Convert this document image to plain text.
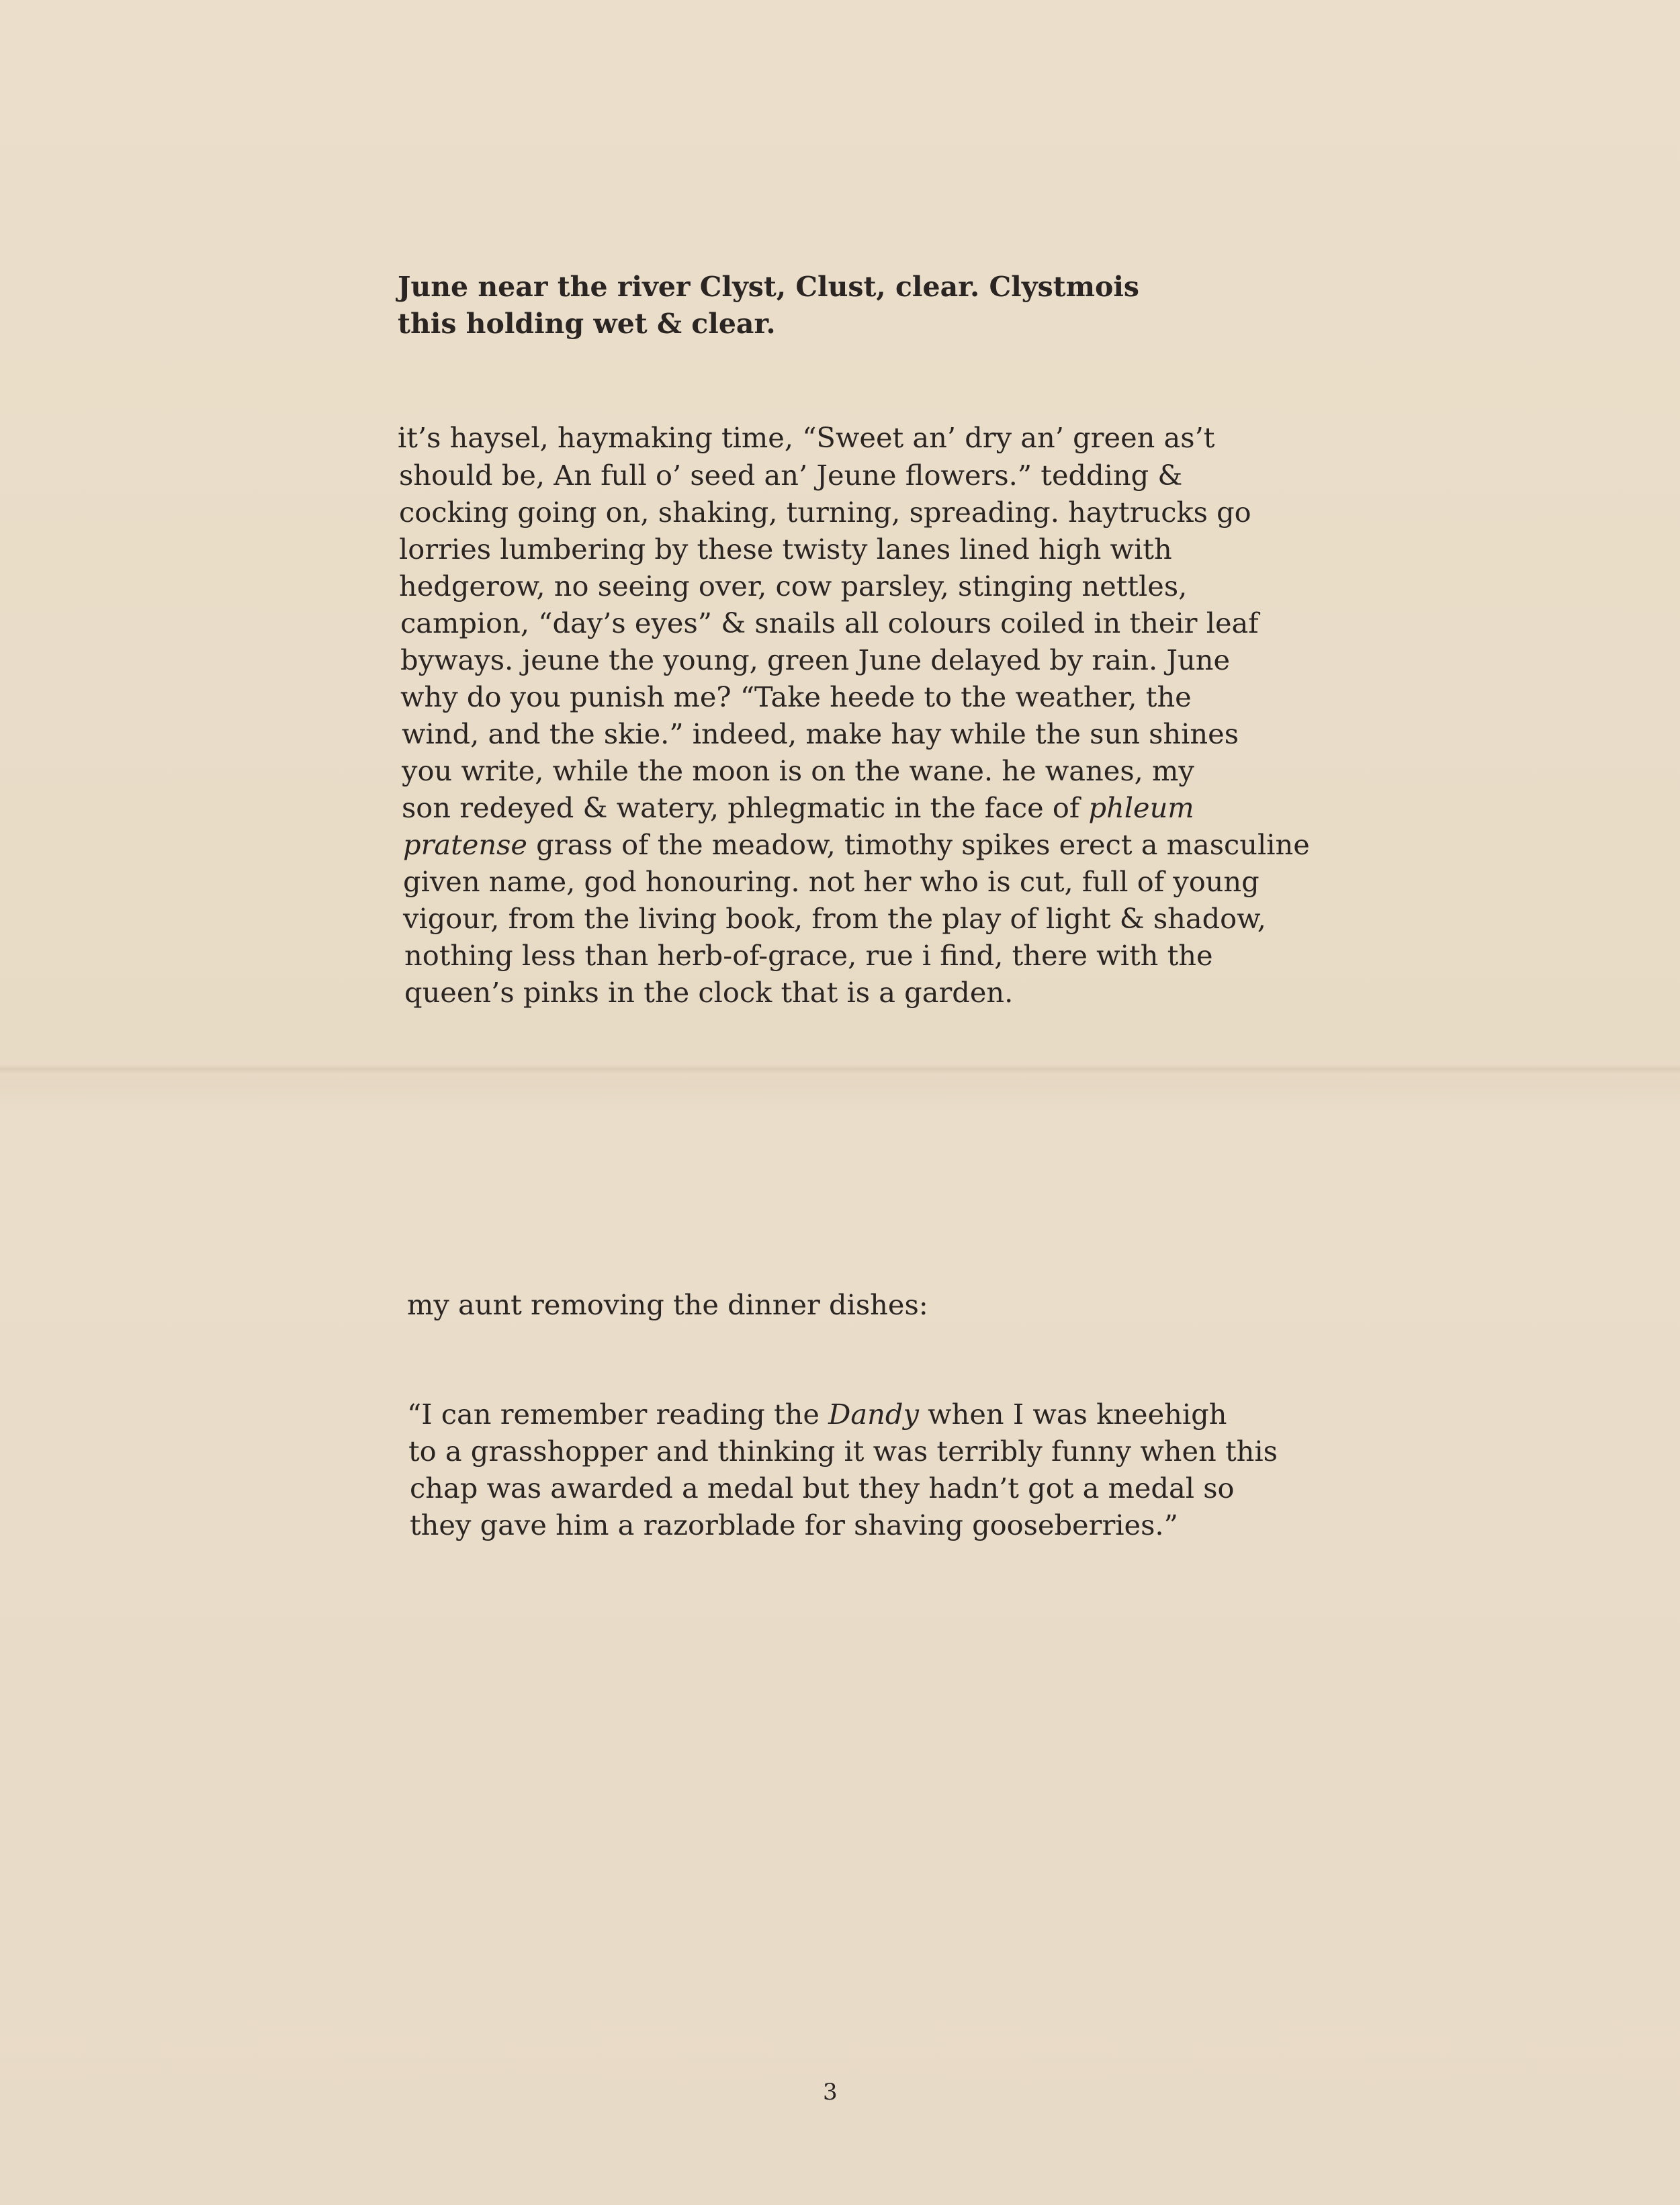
June near the river Clyst, Clust, clear. Clystmois
this holding wet & clear.
it’s haysel, haymaking time, “Sweet an’ dry an’ green as’t
should be, An full o’ seed an’ Jeune flowers.” tedding &
cocking going on, shaking, turning, spreading. haytrucks go
lorries lumbering by these twisty lanes lined high with
hedgerow, no seeing over, cow parsley, stinging nettles,
campion, “day’s eyes” & snails all colours coiled in their leaf
byways. jeune the young, green June delayed by rain. June
why do you punish me? “Take heede to the weather, the
wind, and the skie.” indeed, make hay while the sun shines
you write, while the moon is on the wane. he wanes, my
son redeyed & watery, phlegmatic in the face of phleum
pratense grass of the meadow, timothy spikes erect a masculine
given name, god honouring. not her who is cut, full of young
vigour, from the living book, from the play of light & shadow,
nothing less than herb-of-grace, rue i find, there with the
queen’s pinks in the clock that is a garden.
my aunt removing the dinner dishes:
“I can remember reading the Dandy when I was kneehigh
to a grasshopper and thinking it was terribly funny when this
chap was awarded a medal but they hadn’t got a medal so
they gave him a razorblade for shaving gooseberries.”
3
